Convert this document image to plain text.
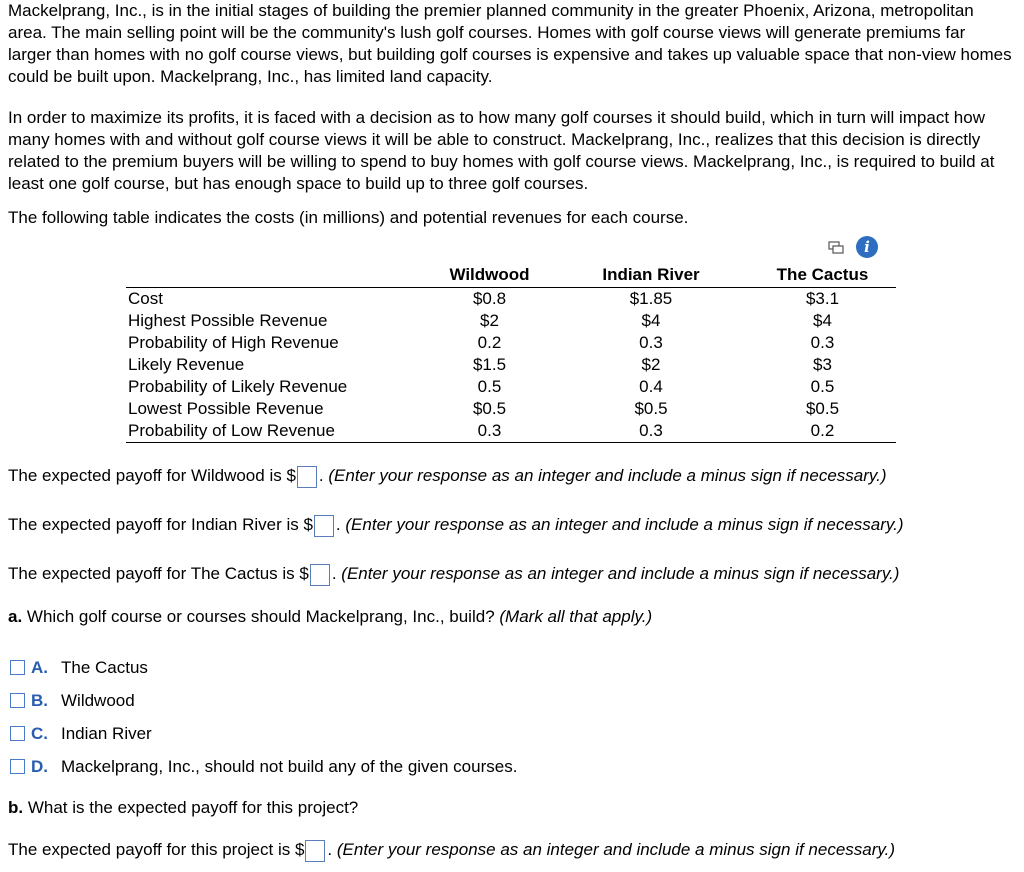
Mackelprang, Inc., is in the initial stages of building the premier planned community in the greater Phoenix, Arizona, metropolitan area. The main selling point will be the community's lush golf courses. Homes with golf course views will generate premiums far larger than homes with no golf course views, but building golf courses is expensive and takes up valuable space that non-view homes could be built upon. Mackelprang, Inc., has limited land capacity.

In order to maximize its profits, it is faced with a decision as to how many golf courses it should build, which in turn will impact how many homes with and without golf course views it will be able to construct. Mackelprang, Inc., realizes that this decision is directly related to the premium buyers will be willing to spend to buy homes with golf course views. Mackelprang, Inc., is required to build at least one golf course, but has enough space to build up to three golf courses.

The following table indicates the costs (in millions) and potential revenues for each course.

i
	Wildwood	Indian River	The Cactus
Cost	$0.8	$1.85	$3.1
Highest Possible Revenue	$2	$4	$4
Probability of High Revenue	0.2	0.3	0.3
Likely Revenue	$1.5	$2	$3
Probability of Likely Revenue	0.5	0.4	0.5
Lowest Possible Revenue	$0.5	$0.5	$0.5
Probability of Low Revenue	0.3	0.3	0.2
The expected payoff for Wildwood is $ . (Enter your response as an integer and include a minus sign if necessary.)
The expected payoff for Indian River is $ . (Enter your response as an integer and include a minus sign if necessary.)
The expected payoff for The Cactus is $ . (Enter your response as an integer and include a minus sign if necessary.)
a. Which golf course or courses should Mackelprang, Inc., build? (Mark all that apply.)
A. The Cactus
B. Wildwood
C. Indian River
D. Mackelprang, Inc., should not build any of the given courses.
b. What is the expected payoff for this project?
The expected payoff for this project is $ . (Enter your response as an integer and include a minus sign if necessary.)
